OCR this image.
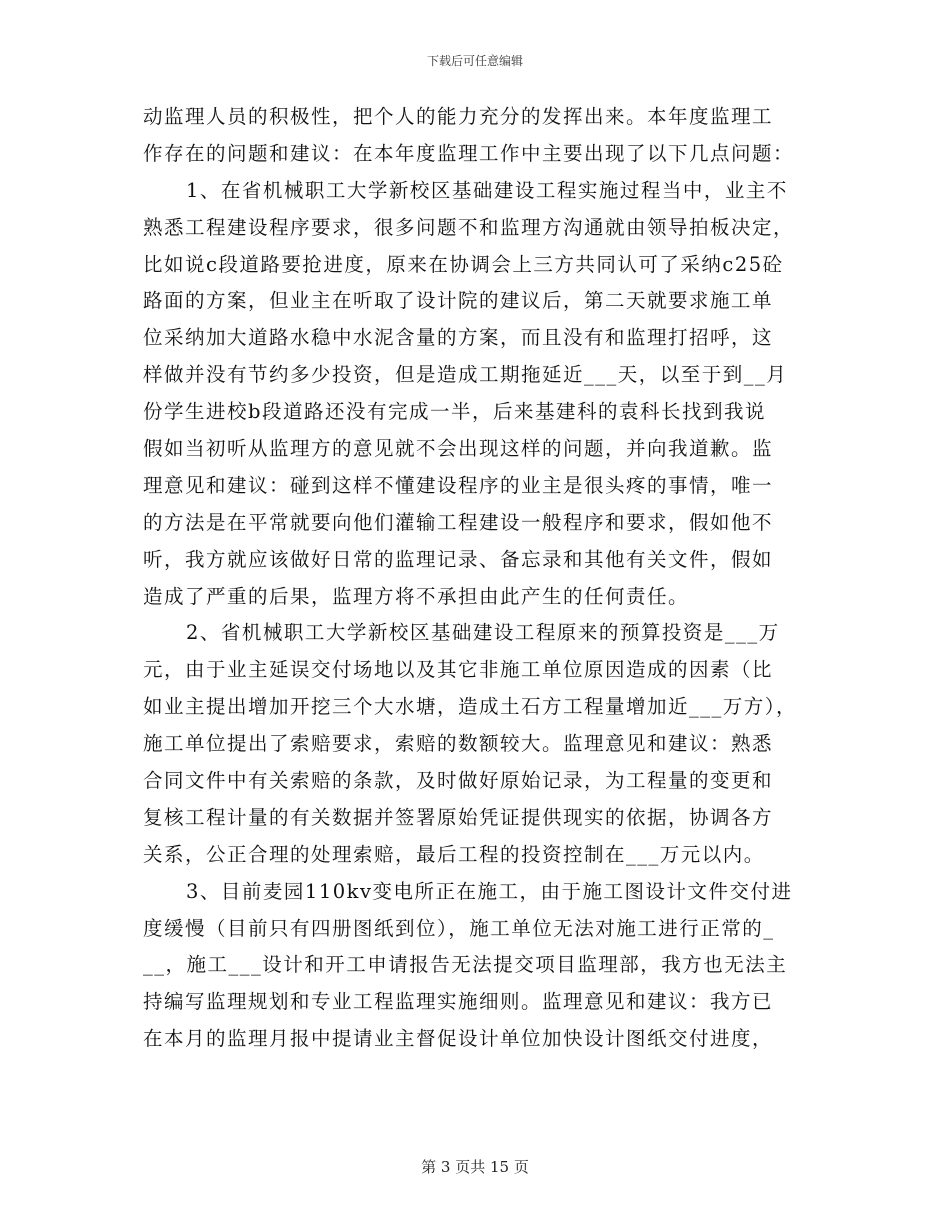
下载后可任意编辑
动监理人员的积极性，把个人的能力充分的发挥出来。本年度监理工
作存在的问题和建议：在本年度监理工作中主要出现了以下几点问题：
1、在省机械职工大学新校区基础建设工程实施过程当中，业主不
熟悉工程建设程序要求，很多问题不和监理方沟通就由领导拍板决定，
比如说c段道路要抢进度，原来在协调会上三方共同认可了采纳c25砼
路面的方案，但业主在听取了设计院的建议后，第二天就要求施工单
位采纳加大道路水稳中水泥含量的方案，而且没有和监理打招呼，这
样做并没有节约多少投资，但是造成工期拖延近___天，以至于到__月
份学生进校b段道路还没有完成一半，后来基建科的袁科长找到我说
假如当初听从监理方的意见就不会出现这样的问题，并向我道歉。监
理意见和建议：碰到这样不懂建设程序的业主是很头疼的事情，唯一
的方法是在平常就要向他们灌输工程建设一般程序和要求，假如他不
听，我方就应该做好日常的监理记录、备忘录和其他有关文件，假如
造成了严重的后果，监理方将不承担由此产生的任何责任。
2、省机械职工大学新校区基础建设工程原来的预算投资是___万
元，由于业主延误交付场地以及其它非施工单位原因造成的因素（比
如业主提出增加开挖三个大水塘，造成土石方工程量增加近___万方），
施工单位提出了索赔要求，索赔的数额较大。监理意见和建议：熟悉
合同文件中有关索赔的条款，及时做好原始记录，为工程量的变更和
复核工程计量的有关数据并签署原始凭证提供现实的依据，协调各方
关系，公正合理的处理索赔，最后工程的投资控制在___万元以内。
3、目前麦园110kv变电所正在施工，由于施工图设计文件交付进
度缓慢（目前只有四册图纸到位），施工单位无法对施工进行正常的_
__，施工___设计和开工申请报告无法提交项目监理部，我方也无法主
持编写监理规划和专业工程监理实施细则。监理意见和建议：我方已
在本月的监理月报中提请业主督促设计单位加快设计图纸交付进度，
第 3 页共 15 页
